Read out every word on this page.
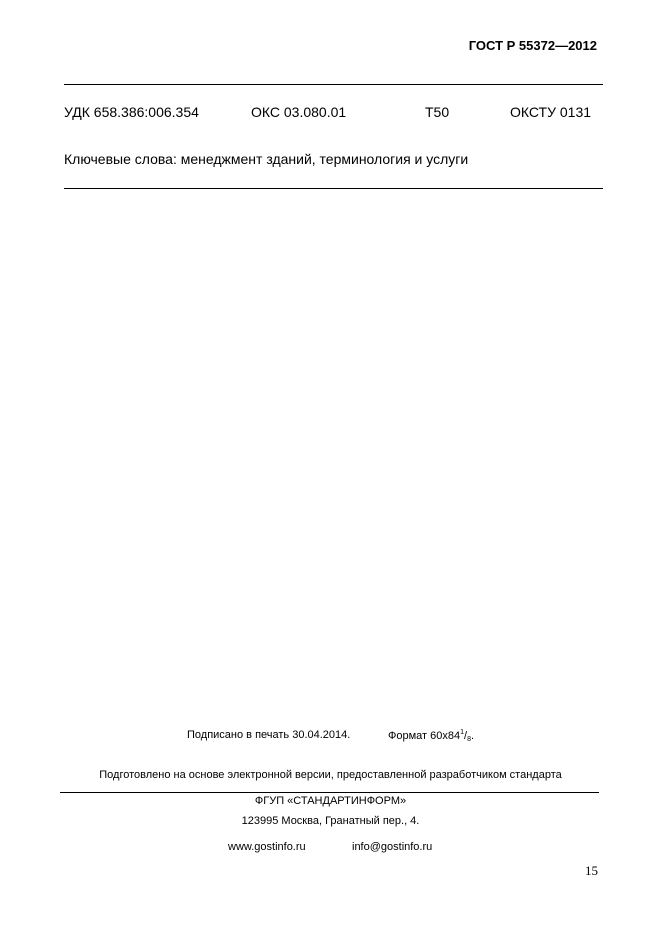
ГОСТ Р 55372—2012
УДК 658.386:006.354	ОКС 03.080.01	Т50	ОКСТУ 0131
Ключевые слова: менеджмент зданий, терминология и услуги
Подписано в печать 30.04.2014.	Формат $60х84^1/_8$.
Подготовлено на основе электронной версии, предоставленной разработчиком стандарта
ФГУП «СТАНДАРТИНФОРМ»
123995 Москва, Гранатный пер., 4.
www.gostinfo.ru	info@gostinfo.ru
15
